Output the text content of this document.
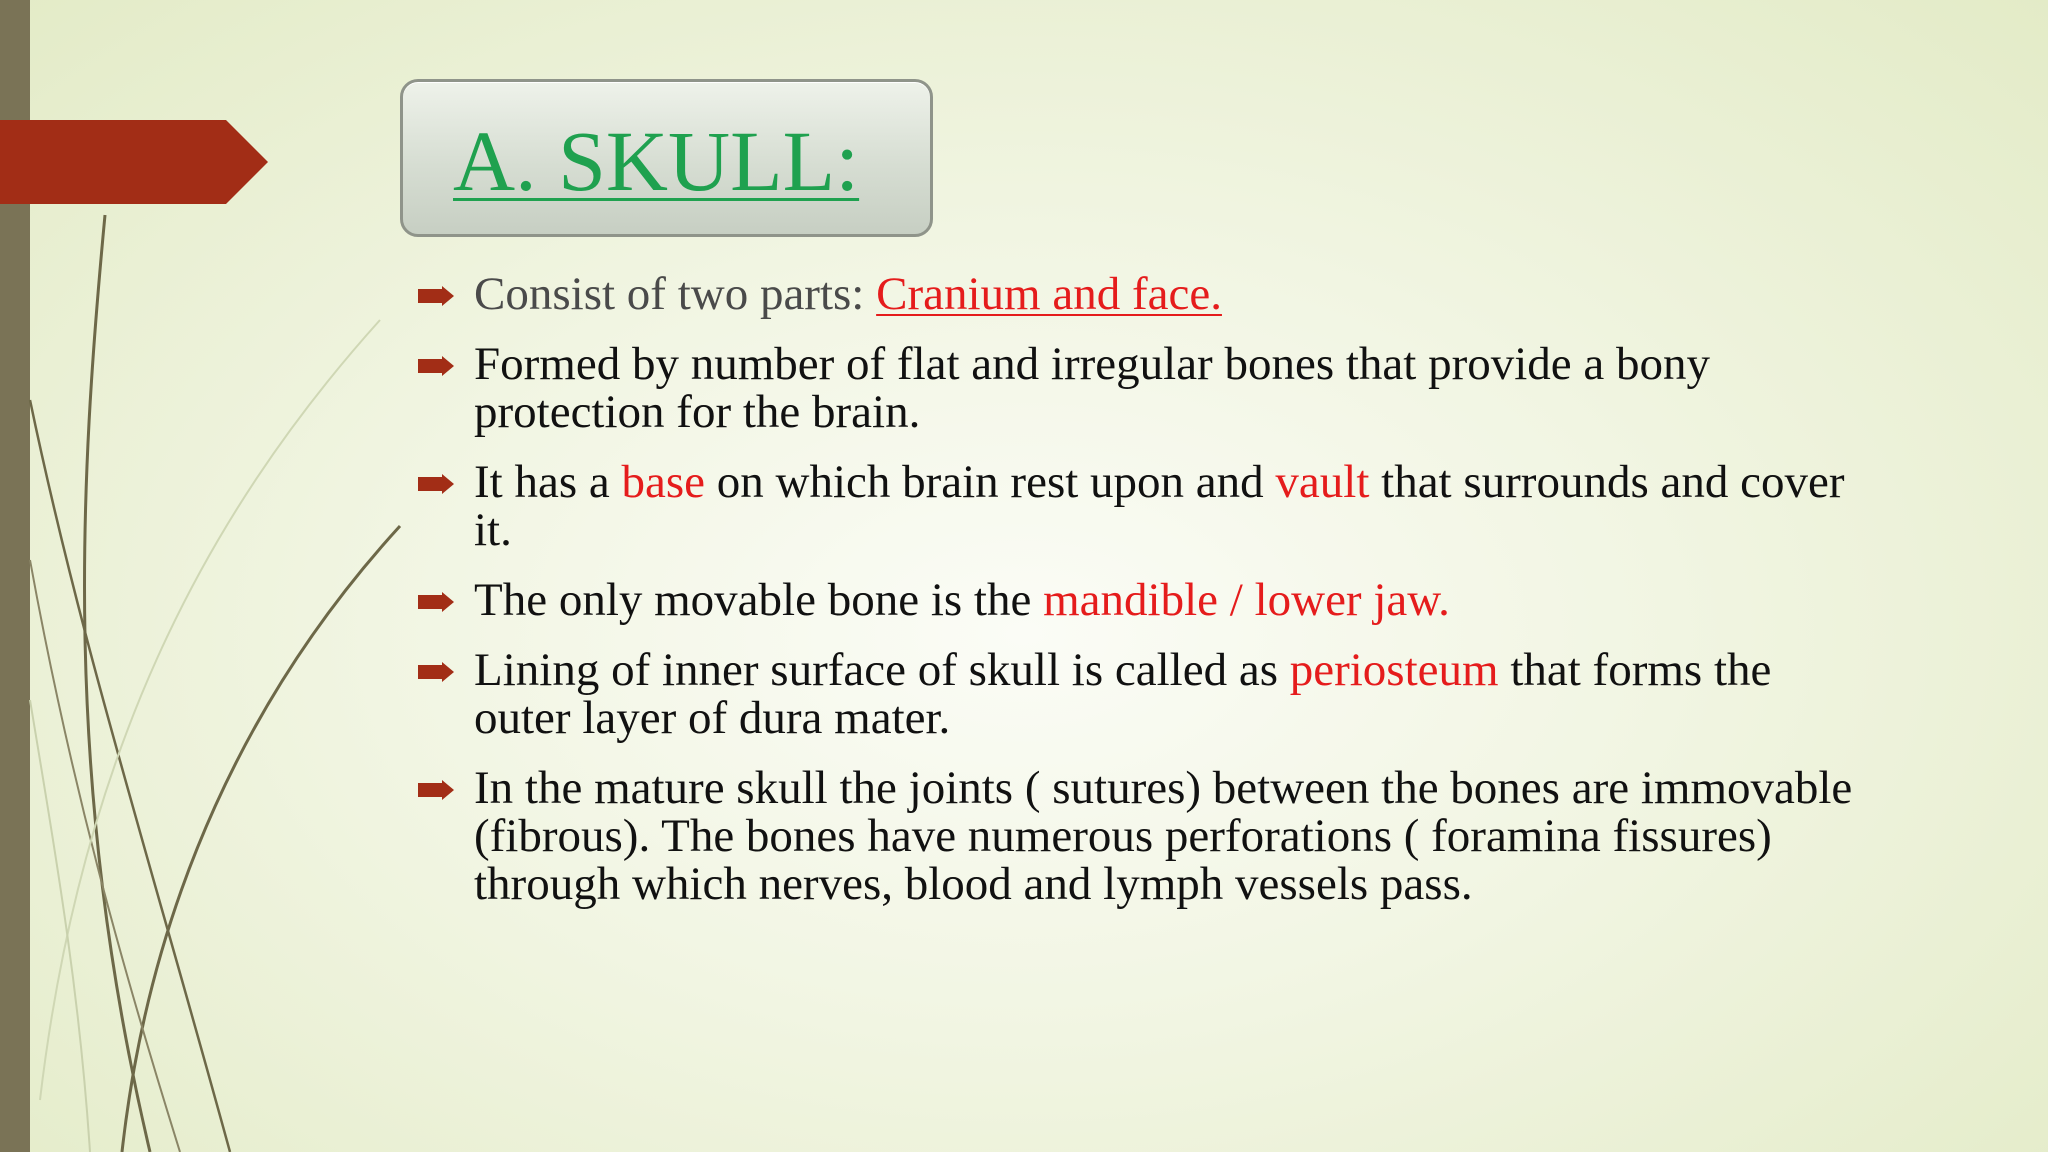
A. SKULL:
Consist of two parts: Cranium and face.
Formed by number of flat and irregular bones that provide a bony protection for the brain.
It has a base on which brain rest upon and vault that surrounds and cover it.
The only movable bone is the mandible / lower jaw.
Lining of inner surface of skull is called as periosteum that forms the outer layer of dura mater.
In the mature skull the joints ( sutures) between the bones are immovable (fibrous). The bones have numerous perforations ( foramina fissures) through which nerves, blood and lymph vessels pass.
